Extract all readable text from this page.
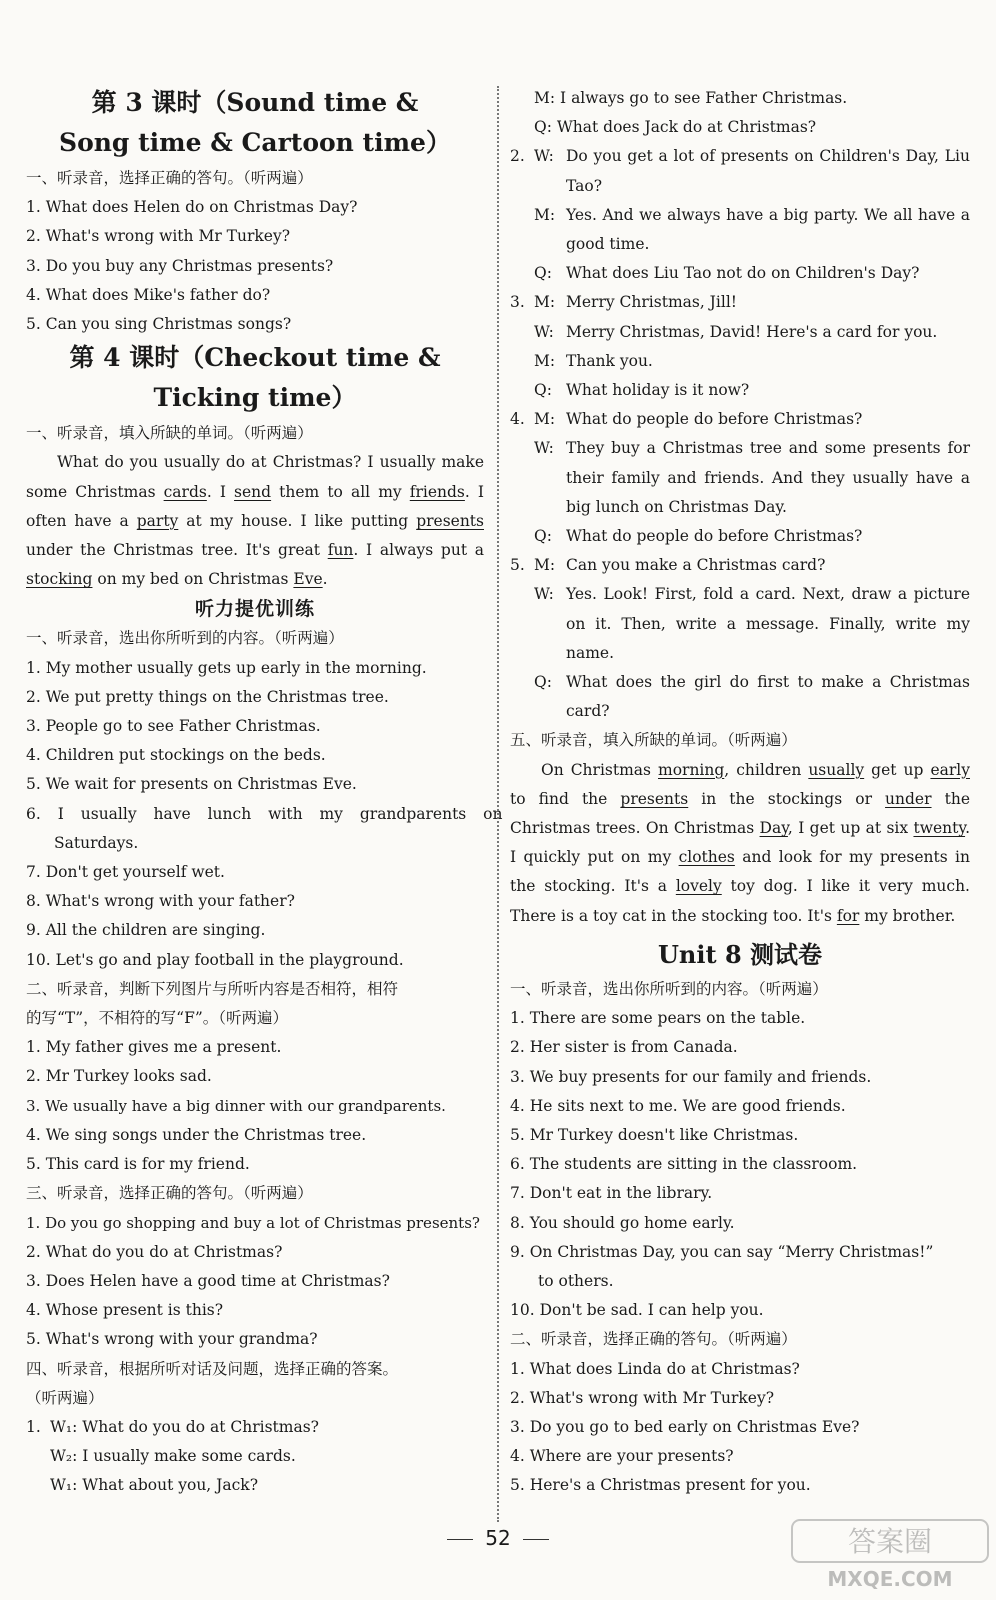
第 3 课时（Sound time &
Song time & Cartoon time）
一、听录音，选择正确的答句。（听两遍）
1. What does Helen do on Christmas Day?
2. What's wrong with Mr Turkey?
3. Do you buy any Christmas presents?
4. What does Mike's father do?
5. Can you sing Christmas songs?
第 4 课时（Checkout time &
Ticking time）
一、听录音，填入所缺的单词。（听两遍）

What do you usually do at Christmas? I usually make some Christmas cards. I send them to all my friends. I often have a party at my house. I like putting presents under the Christmas tree. It's great fun. I always put a stocking on my bed on Christmas Eve.

听力提优训练
一、听录音，选出你所听到的内容。（听两遍）
1. My mother usually gets up early in the morning.
2. We put pretty things on the Christmas tree.
3. People go to see Father Christmas.
4. Children put stockings on the beds.
5. We wait for presents on Christmas Eve.
6. I usually have lunch with my grandparents on
Saturdays.
7. Don't get yourself wet.
8. What's wrong with your father?
9. All the children are singing.
10. Let's go and play football in the playground.
二、听录音，判断下列图片与所听内容是否相符，相符
的写“T”，不相符的写“F”。（听两遍）
1. My father gives me a present.
2. Mr Turkey looks sad.
3. We usually have a big dinner with our grandparents.
4. We sing songs under the Christmas tree.
5. This card is for my friend.
三、听录音，选择正确的答句。（听两遍）
1. Do you go shopping and buy a lot of Christmas presents?
2. What do you do at Christmas?
3. Does Helen have a good time at Christmas?
4. Whose present is this?
5. What's wrong with your grandma?
四、听录音，根据所听对话及问题，选择正确的答案。
（听两遍）
1. W₁: What do you do at Christmas?
W₂: I usually make some cards.
W₁: What about you, Jack?
M: I always go to see Father Christmas.
Q: What does Jack do at Christmas?
2. W: Do you get a lot of presents on Children's Day, Liu Tao?
M: Yes. And we always have a big party. We all have a good time.
Q: What does Liu Tao not do on Children's Day?
3. M: Merry Christmas, Jill!
W: Merry Christmas, David! Here's a card for you.
M: Thank you.
Q: What holiday is it now?
4. M: What do people do before Christmas?
W: They buy a Christmas tree and some presents for their family and friends. And they usually have a big lunch on Christmas Day.
Q: What do people do before Christmas?
5. M: Can you make a Christmas card?
W: Yes. Look! First, fold a card. Next, draw a picture on it. Then, write a message. Finally, write my name.
Q: What does the girl do first to make a Christmas card?
五、听录音，填入所缺的单词。（听两遍）

On Christmas morning, children usually get up early to find the presents in the stockings or under the Christmas trees. On Christmas Day, I get up at six twenty. I quickly put on my clothes and look for my presents in the stocking. It's a lovely toy dog. I like it very much. There is a toy cat in the stocking too. It's for my brother.

Unit 8 测试卷
一、听录音，选出你所听到的内容。（听两遍）
1. There are some pears on the table.
2. Her sister is from Canada.
3. We buy presents for our family and friends.
4. He sits next to me. We are good friends.
5. Mr Turkey doesn't like Christmas.
6. The students are sitting in the classroom.
7. Don't eat in the library.
8. You should go home early.
9. On Christmas Day, you can say “Merry Christmas!”
to others.
10. Don't be sad. I can help you.
二、听录音，选择正确的答句。（听两遍）
1. What does Linda do at Christmas?
2. What's wrong with Mr Turkey?
3. Do you go to bed early on Christmas Eve?
4. Where are your presents?
5. Here's a Christmas present for you.
52	答案圈
MXQE.COM
